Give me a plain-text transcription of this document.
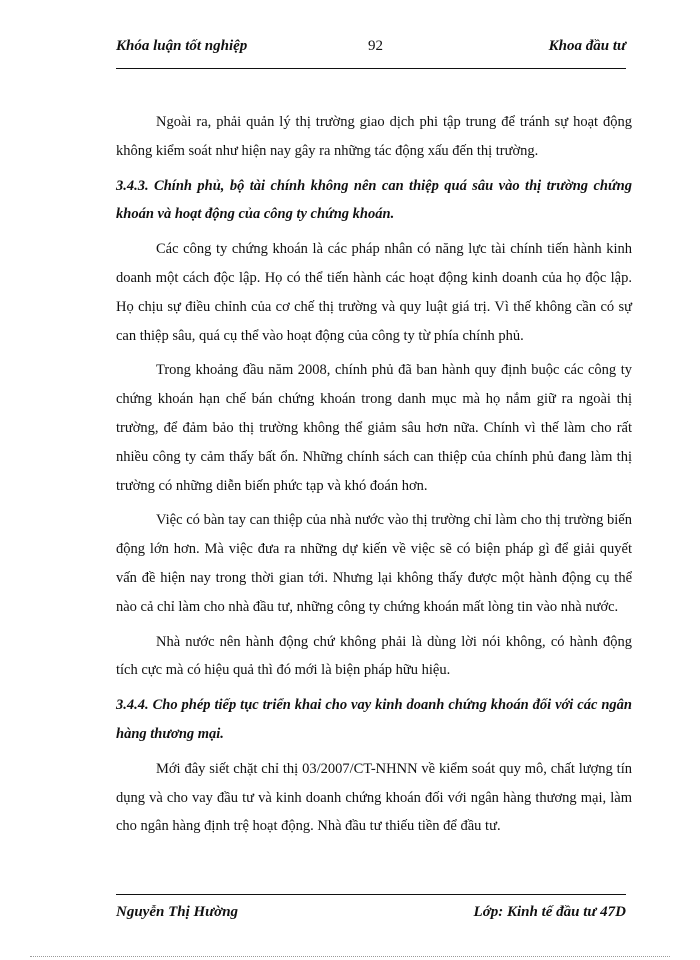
Khóa luận tốt nghiệp	92	Khoa đầu tư

Ngoài ra, phải quản lý thị trường giao dịch phi tập trung để tránh sự hoạt động không kiểm soát như hiện nay gây ra những tác động xấu đến thị trường.

3.4.3. Chính phủ, bộ tài chính không nên can thiệp quá sâu vào thị trường chứng khoán và hoạt động của công ty chứng khoán.

Các công ty chứng khoán là các pháp nhân có năng lực tài chính tiến hành kinh doanh một cách độc lập. Họ có thể tiến hành các hoạt động kinh doanh của họ độc lập. Họ chịu sự điều chỉnh của cơ chế thị trường và quy luật giá trị. Vì thế không cần có sự can thiệp sâu, quá cụ thể vào hoạt động của công ty từ phía chính phủ.

Trong khoảng đầu năm 2008, chính phủ đã ban hành quy định buộc các công ty chứng khoán hạn chế bán chứng khoán trong danh mục mà họ nắm giữ ra ngoài thị trường, để đảm bảo thị trường không thể giảm sâu hơn nữa. Chính vì thế làm cho rất nhiều công ty cảm thấy bất ổn. Những chính sách can thiệp của chính phủ đang làm thị trường có những diễn biến phức tạp và khó đoán hơn.

Việc có bàn tay can thiệp của nhà nước vào thị trường chỉ làm cho thị trường biến động lớn hơn. Mà việc đưa ra những dự kiến về việc sẽ có biện pháp gì để giải quyết vấn đề hiện nay trong thời gian tới. Nhưng lại không thấy được một hành động cụ thể nào cả chỉ làm cho nhà đầu tư, những công ty chứng khoán mất lòng tin vào nhà nước.

Nhà nước nên hành động chứ không phải là dùng lời nói không, có hành động tích cực mà có hiệu quả thì đó mới là biện pháp hữu hiệu.

3.4.4. Cho phép tiếp tục triển khai cho vay kinh doanh chứng khoán đối với các ngân hàng thương mại.

Mới đây siết chặt chỉ thị 03/2007/CT-NHNN về kiểm soát quy mô, chất lượng tín dụng và cho vay đầu tư và kinh doanh chứng khoán đối với ngân hàng thương mại, làm cho ngân hàng định trệ hoạt động. Nhà đầu tư thiếu tiền để đầu tư.

Nguyễn Thị Hường	Lớp: Kinh tế đầu tư 47D
